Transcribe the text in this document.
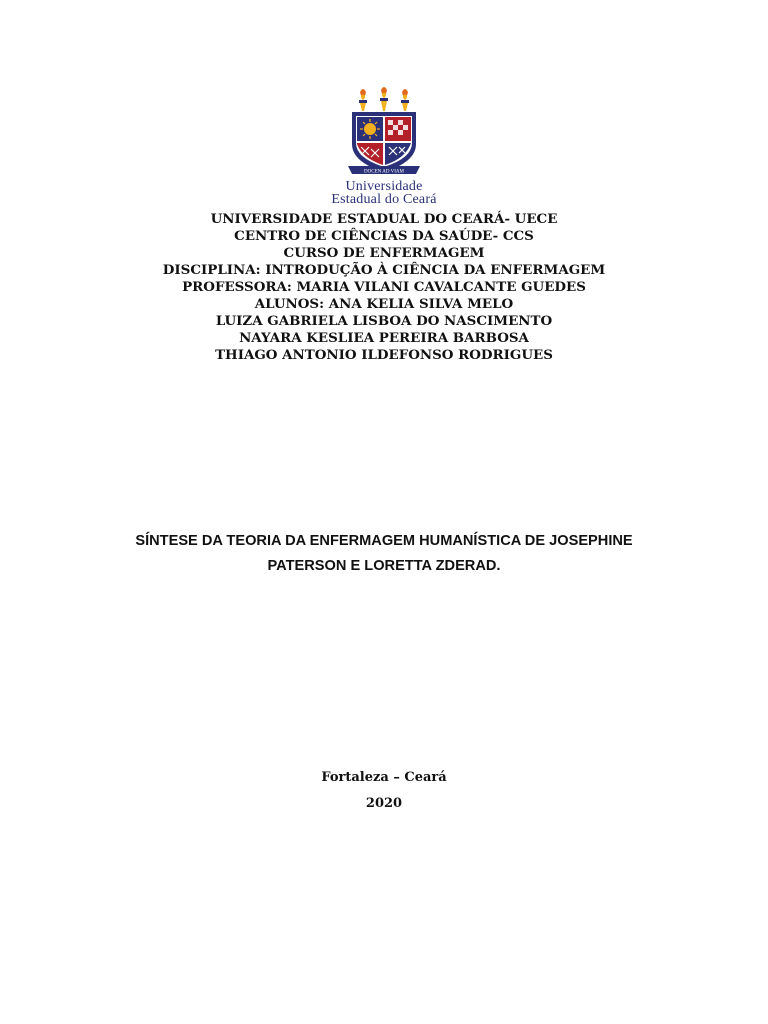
DOCEN AD VIAM
Universidade
Estadual do Ceará
UNIVERSIDADE ESTADUAL DO CEARÁ- UECE
CENTRO DE CIÊNCIAS DA SAÚDE- CCS
CURSO DE ENFERMAGEM
DISCIPLINA: INTRODUÇÃO À CIÊNCIA DA ENFERMAGEM
PROFESSORA: MARIA VILANI CAVALCANTE GUEDES
ALUNOS: ANA KELIA SILVA MELO
LUIZA GABRIELA LISBOA DO NASCIMENTO
NAYARA KESLIEA PEREIRA BARBOSA
THIAGO ANTONIO ILDEFONSO RODRIGUES
SÍNTESE DA TEORIA DA ENFERMAGEM HUMANÍSTICA DE JOSEPHINE
PATERSON E LORETTA ZDERAD.
Fortaleza – Ceará
2020
